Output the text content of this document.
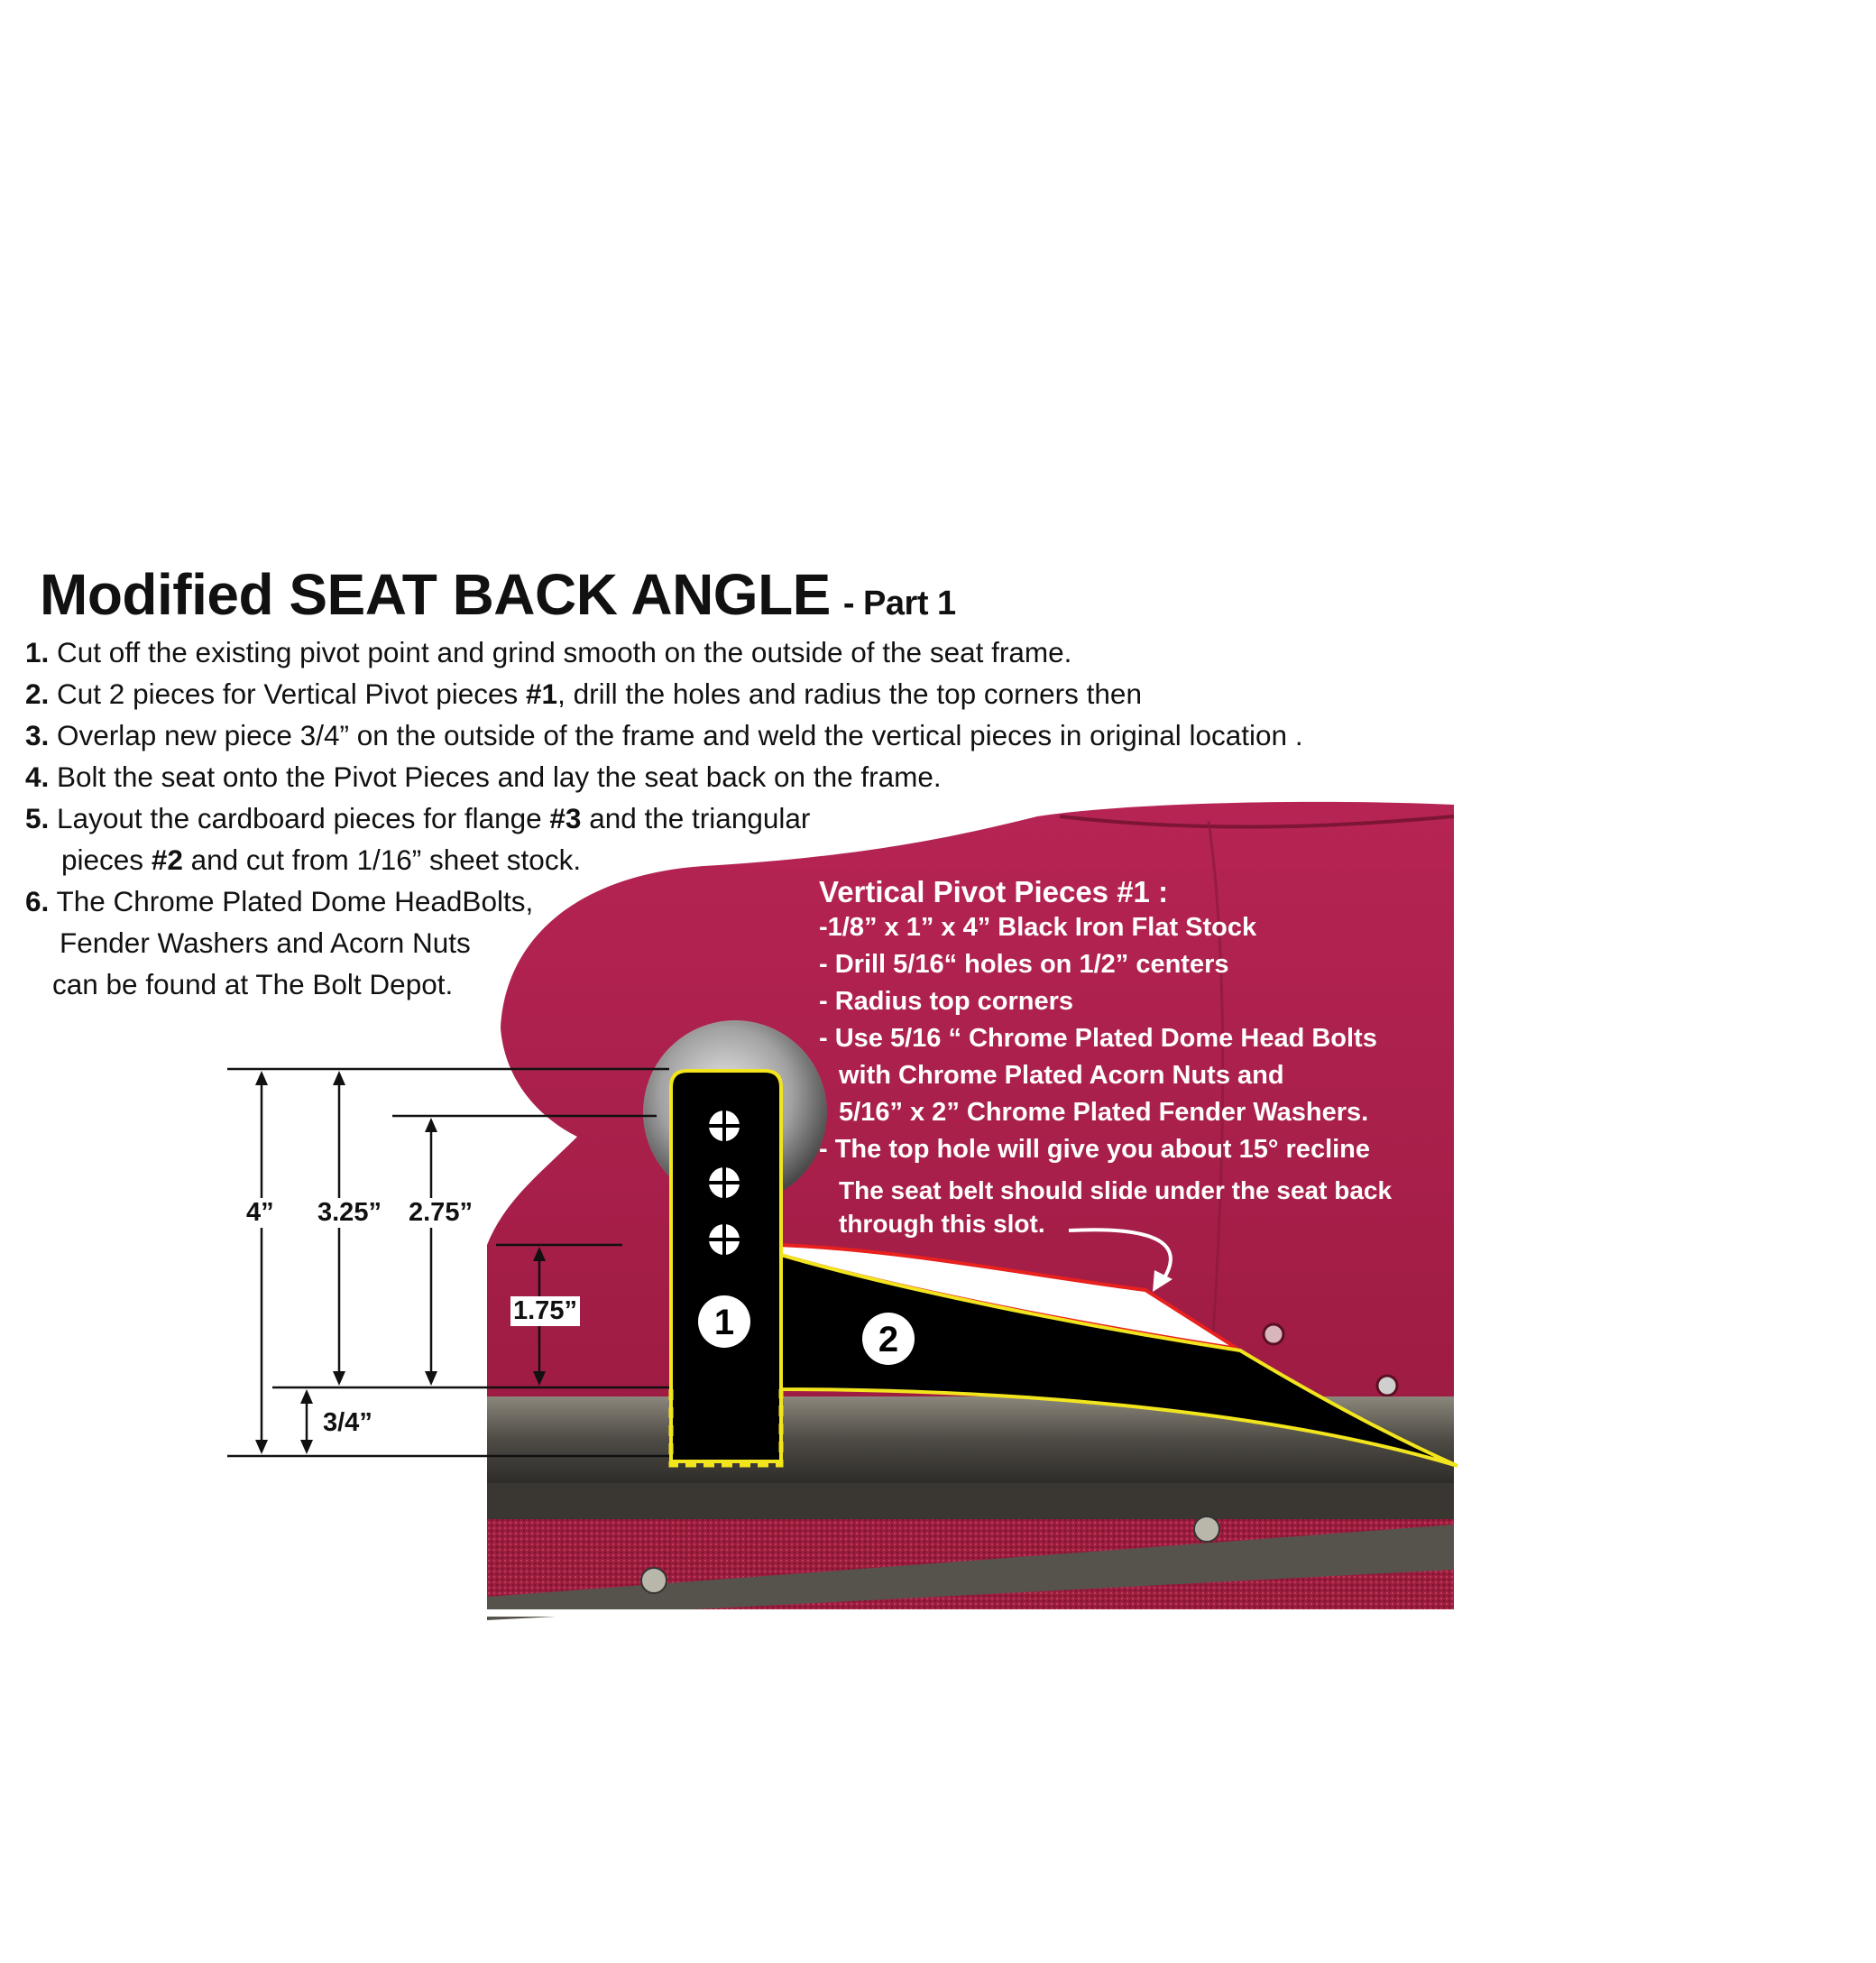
Modified SEAT BACK ANGLE - Part 1
1. Cut off the existing pivot point and grind smooth on the outside of the seat frame.
2. Cut 2 pieces for Vertical Pivot pieces #1, drill the holes and radius the top corners then
3. Overlap new piece 3/4” on the outside of the frame and weld the vertical pieces in original location .
4. Bolt the seat onto the Pivot Pieces and lay the seat back on the frame.
5. Layout the cardboard pieces for flange #3 and the triangular
pieces #2 and cut from 1/16” sheet stock.
6. The Chrome Plated Dome HeadBolts,
Fender Washers and Acorn Nuts
can be found at The Bolt Depot.
1	2
4” 3.25” 2.75”
1.75”
3/4”
Vertical Pivot Pieces #1 :
-1/8” x 1” x 4” Black Iron Flat Stock
- Drill 5/16“ holes on 1/2” centers
- Radius top corners
- Use 5/16 “ Chrome Plated Dome Head Bolts
with Chrome Plated Acorn Nuts and
5/16” x 2” Chrome Plated Fender Washers.
- The top hole will give you about 15° recline
The seat belt should slide under the seat back
through this slot.
